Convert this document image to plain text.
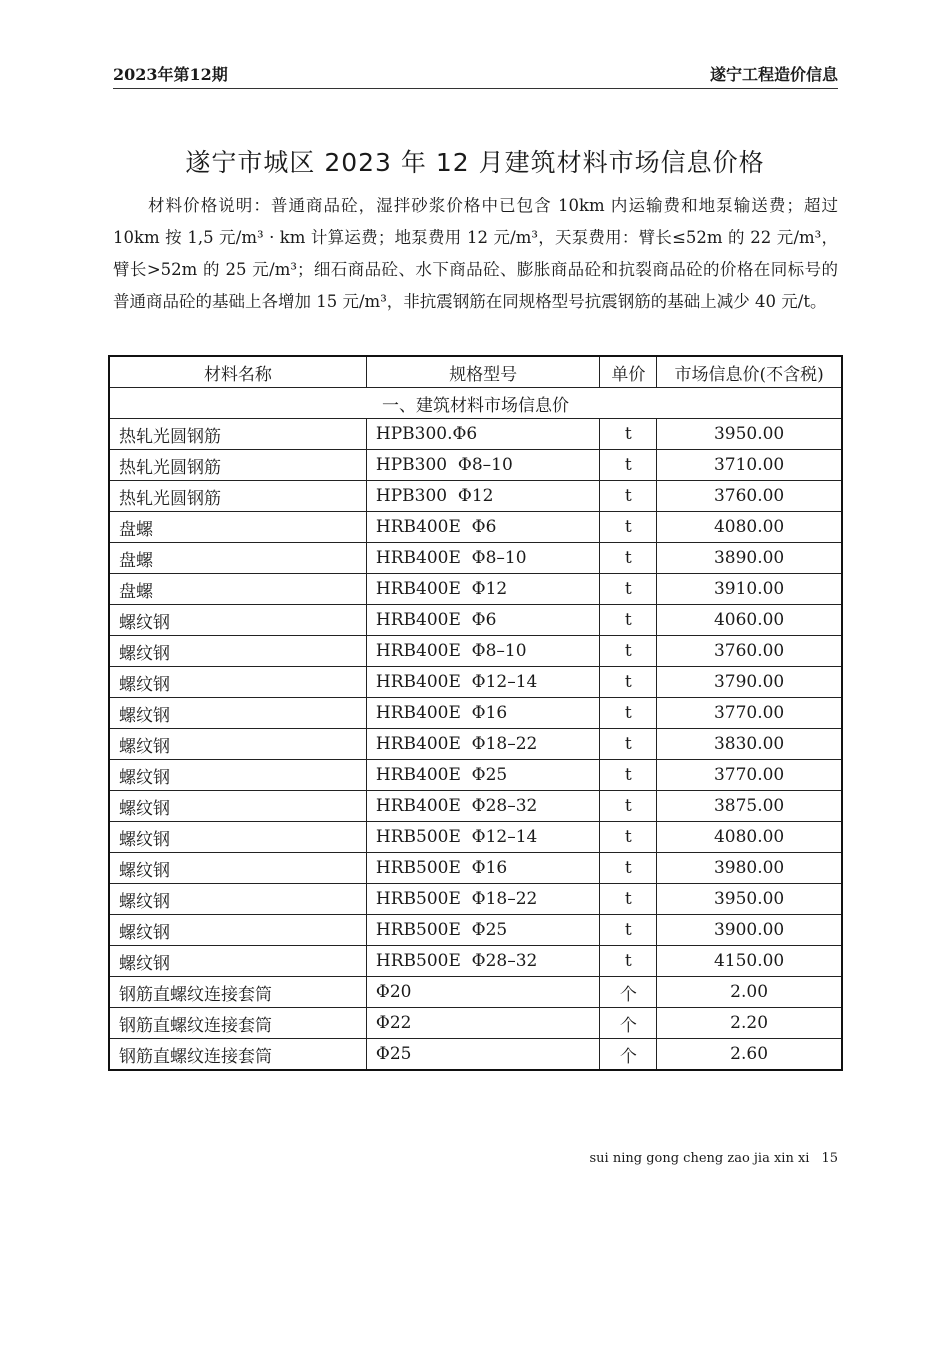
2023年第12期	遂宁工程造价信息
遂宁市城区 2023 年 12 月建筑材料市场信息价格

材料价格说明：普通商品砼，湿拌砂浆价格中已包含 10km 内运输费和地泵输送费；超过 10km 按 1,5 元/m³ · km 计算运费；地泵费用 12 元/m³，天泵费用：臂长≤52m 的 22 元/m³，臂长>52m 的 25 元/m³；细石商品砼、水下商品砼、膨胀商品砼和抗裂商品砼的价格在同标号的普通商品砼的基础上各增加 15 元/m³，非抗震钢筋在同规格型号抗震钢筋的基础上减少 40 元/t。

材料名称	规格型号	单价	市场信息价(不含税)
一、建筑材料市场信息价			
热轧光圆钢筋	HPB300.Φ6	t	3950.00
热轧光圆钢筋	HPB300  Φ8–10	t	3710.00
热轧光圆钢筋	HPB300  Φ12	t	3760.00
盘螺	HRB400E  Φ6	t	4080.00
盘螺	HRB400E  Φ8–10	t	3890.00
盘螺	HRB400E  Φ12	t	3910.00
螺纹钢	HRB400E  Φ6	t	4060.00
螺纹钢	HRB400E  Φ8–10	t	3760.00
螺纹钢	HRB400E  Φ12–14	t	3790.00
螺纹钢	HRB400E  Φ16	t	3770.00
螺纹钢	HRB400E  Φ18–22	t	3830.00
螺纹钢	HRB400E  Φ25	t	3770.00
螺纹钢	HRB400E  Φ28–32	t	3875.00
螺纹钢	HRB500E  Φ12–14	t	4080.00
螺纹钢	HRB500E  Φ16	t	3980.00
螺纹钢	HRB500E  Φ18–22	t	3950.00
螺纹钢	HRB500E  Φ25	t	3900.00
螺纹钢	HRB500E  Φ28–32	t	4150.00
钢筋直螺纹连接套筒	Φ20	个	2.00
钢筋直螺纹连接套筒	Φ22	个	2.20
钢筋直螺纹连接套筒	Φ25	个	2.60
sui ning gong cheng zao jia xin xi 15
